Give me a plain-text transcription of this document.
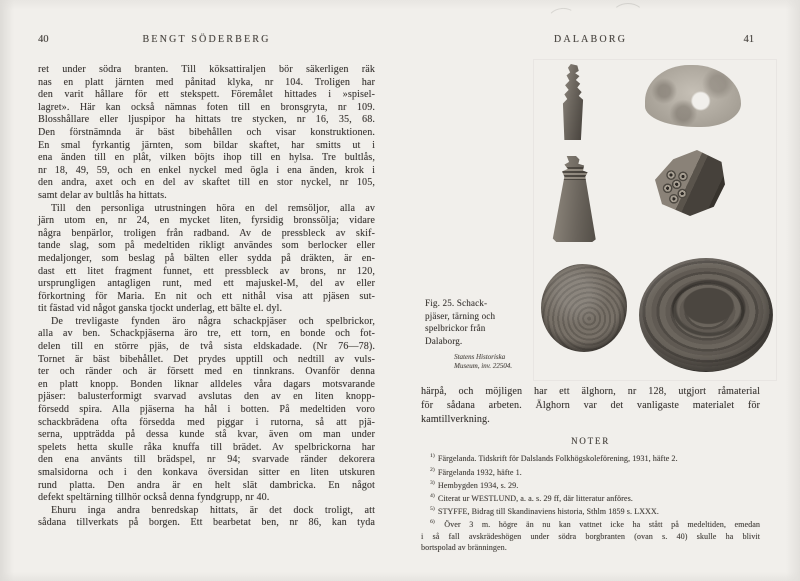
40	BENGT SÖDERBERG
ret under södra branten. Till köksattiraljen bör säkerligen räk
nas en platt järnten med pånitad klyka, nr 104. Troligen har
den varit hållare för ett stekspett. Föremålet hittades i »spisel-
lagret». Här kan också nämnas foten till en bronsgryta, nr 109.
Blosshållare eller ljuspipor ha hittats tre stycken, nr 16, 35, 68.
Den förstnämnda är bäst bibehållen och visar konstruktionen.
En smal fyrkantig järnten, som bildar skaftet, har smitts ut i
ena änden till en plåt, vilken böjts ihop till en hylsa. Tre bultlås,
nr 18, 49, 59, och en enkel nyckel med ögla i ena änden, krok i
den andra, axet och en del av skaftet till en stor nyckel, nr 105,
samt delar av bultlås ha hittats.
Till den personliga utrustningen höra en del remsöljor, alla av
järn utom en, nr 24, en mycket liten, fyrsidig bronssölja; vidare
några benpärlor, troligen från radband. Av de pressbleck av skif-
tande slag, som på medeltiden rikligt användes som berlocker eller
medaljonger, som beslag på bälten eller sydda på dräkten, är en-
dast ett litet fragment funnet, ett pressbleck av brons, nr 120,
ursprungligen antagligen runt, med ett majuskel-M, del av eller
förkortning för Maria. En nit och ett nithål visa att pjäsen sut-
tit fästad vid något ganska tjockt underlag, ett bälte el. dyl.
De trevligaste fynden äro några schackpjäser och spelbrickor,
alla av ben. Schackpjäserna äro tre, ett torn, en bonde och fot-
delen till en större pjäs, de två sista eldskadade. (Nr 76—78).
Tornet är bäst bibehållet. Det prydes upptill och nedtill av vuls-
ter och ränder och är försett med en tinnkrans. Ovanför denna
en platt knopp. Bonden liknar alldeles våra dagars motsvarande
pjäser: balusterformigt svarvad avslutas den av en liten knopp-
försedd spira. Alla pjäserna ha hål i botten. På medeltiden voro
schackbrädena ofta försedda med piggar i rutorna, så att pjä-
serna, uppträdda på dessa kunde stå kvar, även om man under
spelets hetta skulle råka knuffa till brädet. Av spelbrickorna har
den ena använts till brädspel, nr 94; svarvade ränder dekorera
smalsidorna och i den konkava översidan sitter en liten utskuren
rund platta. Den andra är en helt slät dambricka. En något
defekt speltärning tillhör också denna fyndgrupp, nr 40.
Ehuru inga andra benredskap hittats, är det dock troligt, att
sådana tillverkats på borgen. Ett bearbetat ben, nr 86, kan tyda
DALABORG	41
Fig. 25. Schack-
pjäser, tärning och
spelbrickor från
Dalaborg.
Statens Historiska
Museum, inv. 22504.
härpå, och möjligen har ett älghorn, nr 128, utgjort råmaterial
för sådana arbeten. Älghorn var det vanligaste materialet för
kamtillverkning.
NOTER
$^{1)}$ Färgelanda. Tidskrift för Dalslands Folkhögskoleförening, 1931, häfte 2.
$^{2)}$ Färgelanda 1932, häfte 1.
$^{3)}$ Hembygden 1934, s. 29.
$^{4)}$ Citerat ur WESTLUND, a. a. s. 29 ff, där litteratur anföres.
$^{5)}$ STYFFE, Bidrag till Skandinaviens historia, Sthlm 1859 s. LXXX.
$^{6)}$ Över 3 m. högre än nu kan vattnet icke ha stått på medeltiden, emedan
i så fall avskrädeshögen under södra borgbranten (ovan s. 40) skulle ha blivit
bortspolad av bränningen.
